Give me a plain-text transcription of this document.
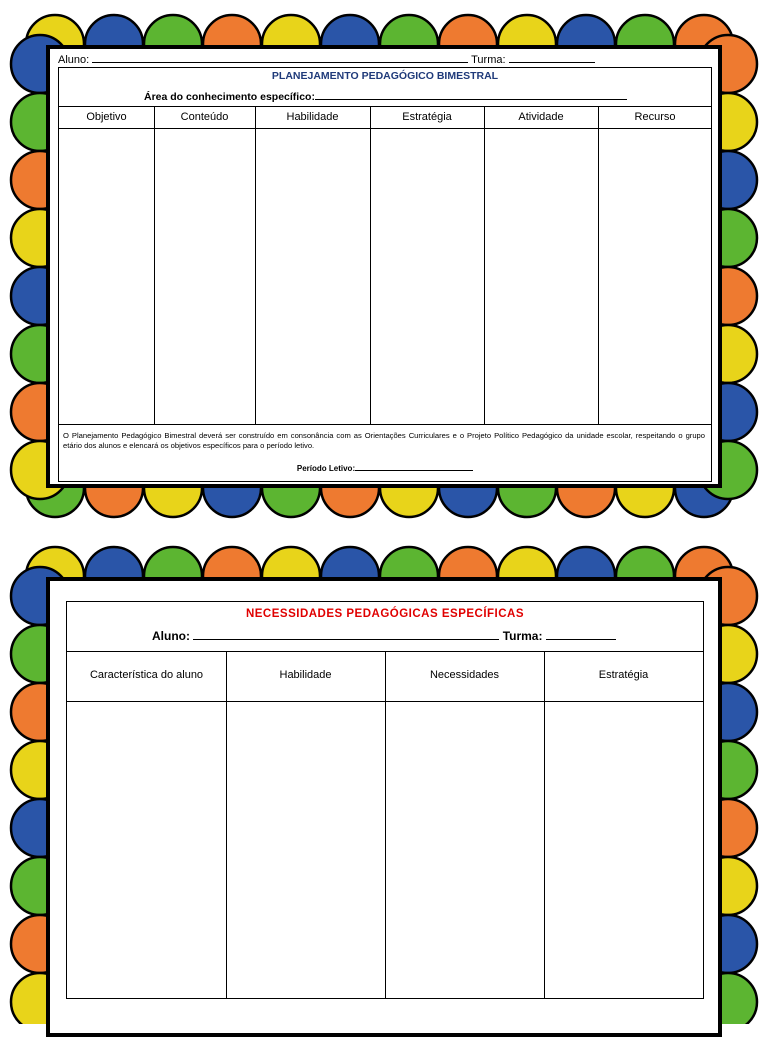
Aluno:	Turma:
PLANEJAMENTO PEDAGÓGICO BIMESTRAL
Área do conhecimento específico:
Objetivo	Conteúdo	Habilidade	Estratégia	Atividade	Recurso
O Planejamento Pedagógico Bimestral deverá ser construído em consonância com as Orientações Curriculares e o Projeto Político Pedagógico da unidade escolar, respeitando o grupo etário dos alunos e elencará os objetivos específicos para o período letivo.
Período Letivo:
NECESSIDADES PEDAGÓGICAS ESPECÍFICAS
Aluno:	Turma:
Característica do aluno	Habilidade	Necessidades	Estratégia
